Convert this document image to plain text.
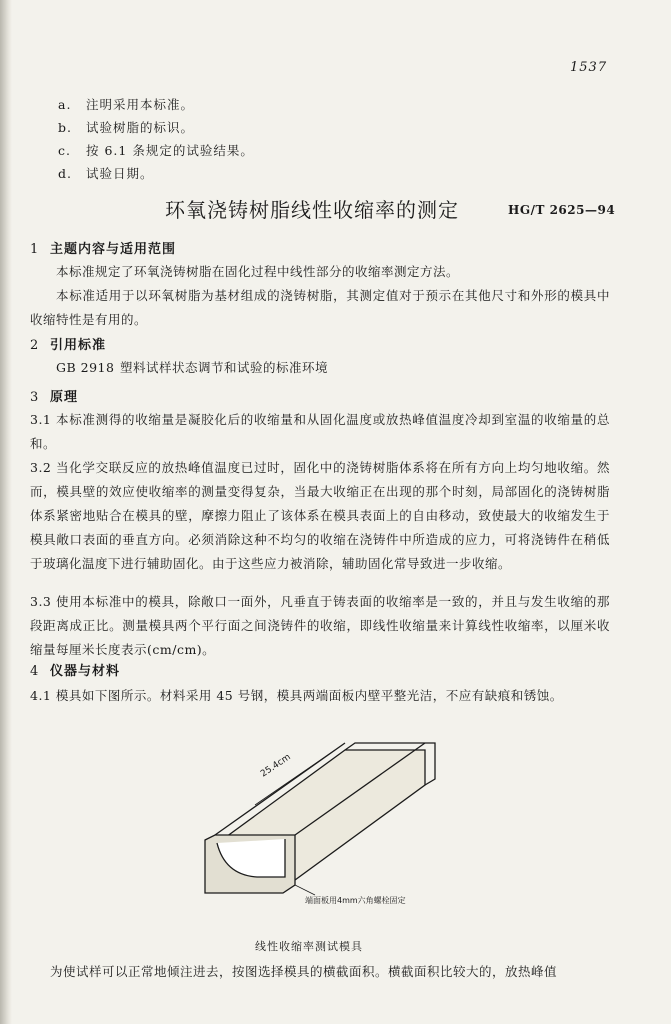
1537
a. 注明采用本标准。
b. 试验树脂的标识。
c. 按 6.1 条规定的试验结果。
d. 试验日期。
环氧浇铸树脂线性收缩率的测定	HG/T 2625—94
1 主题内容与适用范围
本标准规定了环氧浇铸树脂在固化过程中线性部分的收缩率测定方法。
本标准适用于以环氧树脂为基材组成的浇铸树脂，其测定值对于预示在其他尺寸和外形的模具中收缩特性是有用的。
2 引用标准
GB 2918 塑料试样状态调节和试验的标准环境
3 原理
3.1 本标准测得的收缩量是凝胶化后的收缩量和从固化温度或放热峰值温度冷却到室温的收缩量的总和。
3.2 当化学交联反应的放热峰值温度已过时，固化中的浇铸树脂体系将在所有方向上均匀地收缩。然而，模具壁的效应使收缩率的测量变得复杂，当最大收缩正在出现的那个时刻，局部固化的浇铸树脂体系紧密地贴合在模具的壁，摩擦力阻止了该体系在模具表面上的自由移动，致使最大的收缩发生于模具敞口表面的垂直方向。必须消除这种不均匀的收缩在浇铸件中所造成的应力，可将浇铸件在稍低于玻璃化温度下进行辅助固化。由于这些应力被消除，辅助固化常导致进一步收缩。
3.3 使用本标准中的模具，除敞口一面外，凡垂直于铸表面的收缩率是一致的，并且与发生收缩的那段距离成正比。测量模具两个平行面之间浇铸件的收缩，即线性收缩量来计算线性收缩率，以厘米收缩量每厘米长度表示(cm/cm)。
4 仪器与材料
4.1 模具如下图所示。材料采用 45 号钢，模具两端面板内壁平整光洁，不应有缺痕和锈蚀。
25.4cm
端面板用4mm六角螺栓固定
线性收缩率测试模具
为使试样可以正常地倾注进去，按图选择模具的横截面积。横截面积比较大的，放热峰值
